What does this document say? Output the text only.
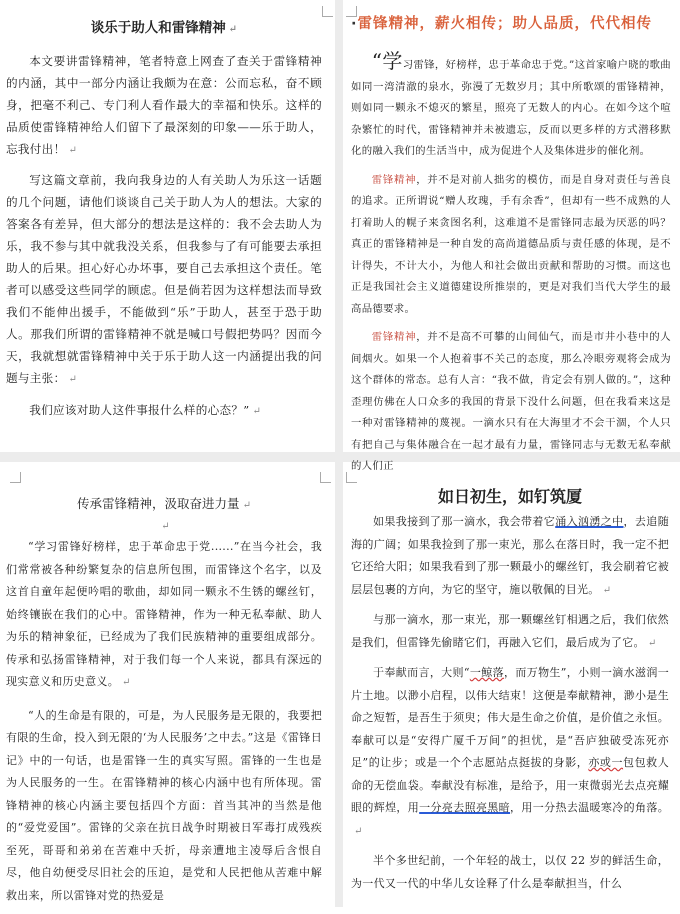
谈乐于助人和雷锋精神 ↵

本文要讲雷锋精神，笔者特意上网查了查关于雷锋精神的内涵，其中一部分内涵让我颇为在意：公而忘私，奋不顾身，把毫不利己、专门利人看作最大的幸福和快乐。这样的品质使雷锋精神给人们留下了最深刻的印象——乐于助人，忘我付出！ ↵

写这篇文章前，我向我身边的人有关助人为乐这一话题的几个问题，请他们谈谈自己关于助人为人的想法。大家的答案各有差异，但大部分的想法是这样的：我不会去助人为乐，我不参与其中就我没关系，但我参与了有可能要去承担助人的后果。担心好心办坏事，要自己去承担这个责任。笔者可以感受这些同学的顾虑。但是倘若因为这样想法而导致我们不能伸出援手，不能做到“乐”于助人，甚至于恐于助人。那我们所谓的雷锋精神不就是喊口号假把势吗？因而今天，我就想就雷锋精神中关于乐于助人这一内涵提出我的问题与主张： ↵

我们应该对助人这件事报什么样的心态？” ↵

·雷锋精神，薪火相传；助人品质，代代相传

“学习雷锋，好榜样，忠于革命忠于党。”这首家喻户晓的歌曲如同一湾清澈的泉水，弥漫了无数岁月；其中所歌颂的雷锋精神，则如同一颗永不熄灭的繁星，照亮了无数人的内心。在如今这个喧杂繁忙的时代，雷锋精神并未被遗忘，反而以更多样的方式潜移默化的融入我们的生活当中，成为促进个人及集体进步的催化剂。

雷锋精神，并不是对前人拙劣的模仿，而是自身对责任与善良的追求。正所谓说“赠人玫瑰，手有余香”，但却有一些不成熟的人打着助人的幌子来贪图名利，这难道不是雷锋同志最为厌恶的吗？真正的雷锋精神是一种自发的高尚道德品质与责任感的体现，是不计得失，不计大小，为他人和社会做出贡献和帮助的习惯。而这也正是我国社会主义道德建设所推崇的，更是对我们当代大学生的最高品德要求。

雷锋精神，并不是高不可攀的山间仙气，而是市井小巷中的人间烟火。如果一个人抱着事不关己的态度，那么冷眼旁观将会成为这个群体的常态。总有人言：“我不做，肯定会有别人做的。”，这种歪理仿佛在人口众多的我国的背景下没什么问题，但在我看来这是一种对雷锋精神的蔑视。一滴水只有在大海里才不会干涸，个人只有把自己与集体融合在一起才最有力量，雷锋同志与无数无私奉献的人们正

传承雷锋精神，汲取奋进力量 ↵
↵

“学习雷锋好榜样，忠于革命忠于党......”在当今社会，我们常常被各种纷繁复杂的信息所包围，而雷锋这个名字，以及这首自童年起便吟唱的歌曲，却如同一颗永不生锈的螺丝钉，始终镶嵌在我们的心中。雷锋精神，作为一种无私奉献、助人为乐的精神象征，已经成为了我们民族精神的重要组成部分。传承和弘扬雷锋精神，对于我们每一个人来说，都具有深远的现实意义和历史意义。 ↵

“人的生命是有限的，可是，为人民服务是无限的，我要把有限的生命，投入到无限的‘为人民服务’之中去。”这是《雷锋日记》中的一句话，也是雷锋一生的真实写照。雷锋的一生也是为人民服务的一生。在雷锋精神的核心内涵中也有所体现。雷锋精神的核心内涵主要包括四个方面：首当其冲的当然是他的“爱党爱国”。雷锋的父亲在抗日战争时期被日军毒打成残疾至死，哥哥和弟弟在苦难中夭折，母亲遭地主凌辱后含恨自尽，他自幼便受尽旧社会的压迫，是党和人民把他从苦难中解救出来，所以雷锋对党的热爱是

如日初生，如钉筑厦

如果我接到了那一滴水，我会带着它涌入汹湧之中，去追随海的广阔；如果我捡到了那一束光，那么在落日时，我一定不把它还给大阳；如果我看到了那一颗最小的螺丝钉，我会刷着它被层层包裹的方向，为它的坚守，施以敬佩的目光。 ↵

与那一滴水，那一束光，那一颗螺丝钉相遇之后，我们依然是我们，但雷锋先偷睹它们，再融入它们，最后成为了它。 ↵

于奉献而言，大则“一鲸落，而万物生”，小则一滴水滋润一片土地。以渺小启程，以伟大结束！这便是奉献精神，渺小是生命之短暂，是吾生于须臾；伟大是生命之价值，是价值之永恒。奉献可以是“安得广厦千万间”的担忧，是“吾庐独破受冻死亦足”的让步；或是一个个志愿站点挺拔的身影，亦或一包包救人命的无偿血袋。奉献没有标准，是给予，用一束微弱光去点亮耀眼的辉煌，用一分亮去照亮黑暗，用一分热去温暖寒冷的角落。↵

半个多世纪前，一个年轻的战士，以仅 22 岁的鲜活生命，为一代又一代的中华儿女诠释了什么是奉献担当，什么
